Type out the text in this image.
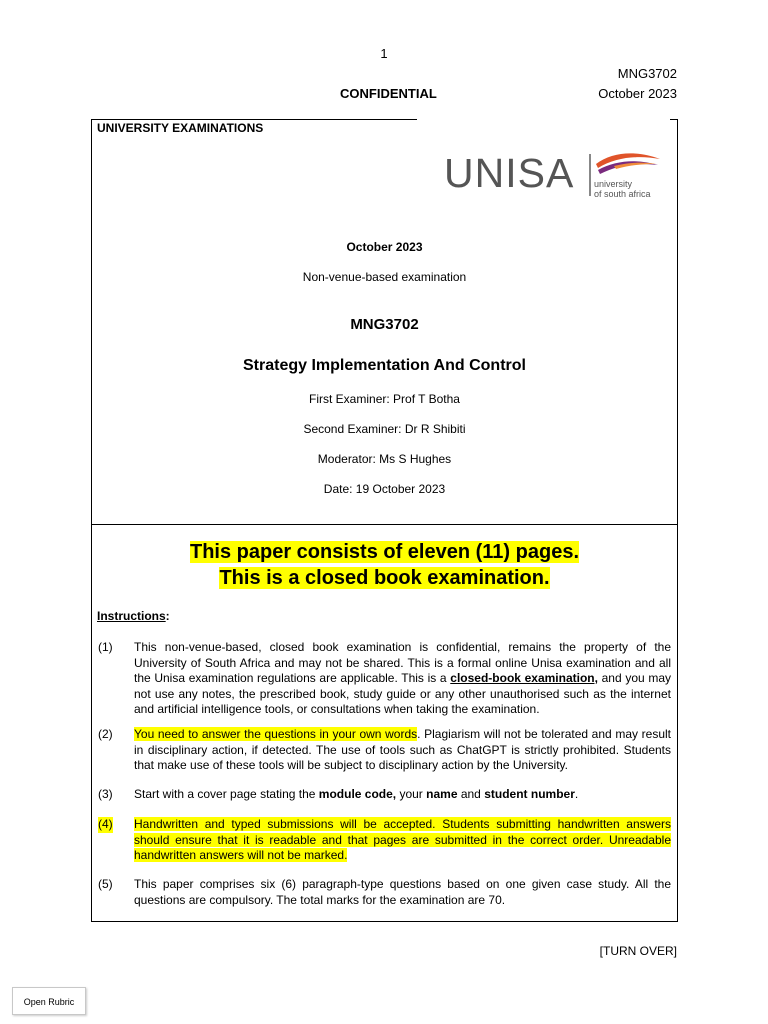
1
MNG3702
CONFIDENTIAL	October 2023
UNIVERSITY EXAMINATIONS
UNISA university
of south africa
October 2023
Non-venue-based examination
MNG3702
Strategy Implementation And Control
First Examiner: Prof T Botha
Second Examiner: Dr R Shibiti
Moderator: Ms S Hughes
Date: 19 October 2023
This paper consists of eleven (11) pages.
This is a closed book examination.
Instructions:
(1) This non-venue-based, closed book examination is confidential, remains the property of the University of South Africa and may not be shared. This is a formal online Unisa examination and all the Unisa examination regulations are applicable. This is a closed-book examination, and you may not use any notes, the prescribed book, study guide or any other unauthorised such as the internet and artificial intelligence tools, or consultations when taking the examination.
(2) You need to answer the questions in your own words. Plagiarism will not be tolerated and may result in disciplinary action, if detected. The use of tools such as ChatGPT is strictly prohibited. Students that make use of these tools will be subject to disciplinary action by the University.
(3) Start with a cover page stating the module code, your name and student number.
(4) Handwritten and typed submissions will be accepted. Students submitting handwritten answers should ensure that it is readable and that pages are submitted in the correct order. Unreadable handwritten answers will not be marked.
(5) This paper comprises six (6) paragraph-type questions based on one given case study. All the questions are compulsory. The total marks for the examination are 70.
[TURN OVER]
Open Rubric
